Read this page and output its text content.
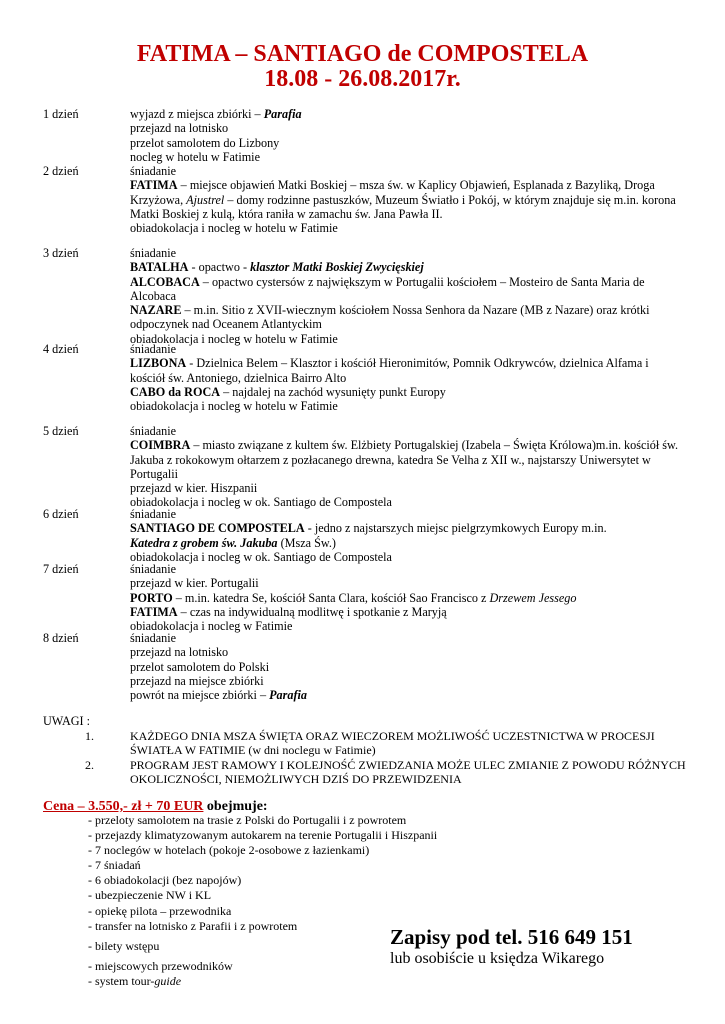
FATIMA – SANTIAGO de COMPOSTELA
18.08 - 26.08.2017r.
1 dzień	wyjazd z miejsca zbiórki – Parafia
przejazd na lotnisko
przelot samolotem do Lizbony
nocleg w hotelu w Fatimie
2 dzień	śniadanie
FATIMA – miejsce objawień Matki Boskiej – msza św. w Kaplicy Objawień, Esplanada z Bazyliką, Droga Krzyżowa, Ajustrel – domy rodzinne pastuszków, Muzeum Światło i Pokój, w którym znajduje się m.in. korona Matki Boskiej z kulą, która raniła w zamachu św. Jana Pawła II.
obiadokolacja i nocleg w hotelu w Fatimie
3 dzień	śniadanie
BATALHA - opactwo - klasztor Matki Boskiej Zwycięskiej
ALCOBACA – opactwo cystersów z największym w Portugalii kościołem – Mosteiro de Santa Maria de Alcobaca
NAZARE – m.in. Sitio z XVII-wiecznym kościołem Nossa Senhora da Nazare (MB z Nazare) oraz krótki odpoczynek nad Oceanem Atlantyckim
obiadokolacja i nocleg w hotelu w Fatimie
4 dzień	śniadanie
LIZBONA - Dzielnica Belem – Klasztor i kościół Hieronimitów, Pomnik Odkrywców, dzielnica Alfama i kościół św. Antoniego, dzielnica Bairro Alto
CABO da ROCA – najdalej na zachód wysunięty punkt Europy
obiadokolacja i nocleg w hotelu w Fatimie
5 dzień	śniadanie
COIMBRA – miasto związane z kultem św. Elżbiety Portugalskiej (Izabela – Święta Królowa)m.in. kościół św. Jakuba z rokokowym ołtarzem z pozłacanego drewna, katedra Se Velha z XII w., najstarszy Uniwersytet w Portugalii
przejazd w kier. Hiszpanii
obiadokolacja i nocleg w ok. Santiago de Compostela
6 dzień	śniadanie
SANTIAGO DE COMPOSTELA - jedno z najstarszych miejsc pielgrzymkowych Europy m.in.
Katedra z grobem św. Jakuba (Msza Św.)
obiadokolacja i nocleg w ok. Santiago de Compostela
7 dzień	śniadanie
przejazd w kier. Portugalii
PORTO – m.in. katedra Se, kościół Santa Clara, kościół Sao Francisco z Drzewem Jessego
FATIMA – czas na indywidualną modlitwę i spotkanie z Maryją
obiadokolacja i nocleg w Fatimie
8 dzień	śniadanie
przejazd na lotnisko
przelot samolotem do Polski
przejazd na miejsce zbiórki
powrót na miejsce zbiórki – Parafia
UWAGI :
1.	KAŻDEGO DNIA MSZA ŚWIĘTA ORAZ WIECZOREM MOŻLIWOŚĆ UCZESTNICTWA W PROCESJI ŚWIATŁA W FATIMIE (w dni noclegu w Fatimie)
2.	PROGRAM JEST RAMOWY I KOLEJNOŚĆ ZWIEDZANIA MOŻE ULEC ZMIANIE Z POWODU RÓŻNYCH OKOLICZNOŚCI, NIEMOŻLIWYCH DZIŚ DO PRZEWIDZENIA
Cena – 3.550,- zł + 70 EUR obejmuje:
- przeloty samolotem na trasie z Polski do Portugalii i z powrotem
- przejazdy klimatyzowanym autokarem na terenie Portugalii i Hiszpanii
- 7 noclegów w hotelach (pokoje 2-osobowe z łazienkami)
- 7 śniadań
- 6 obiadokolacji (bez napojów)
- ubezpieczenie NW i KL
- opiekę pilota – przewodnika
- transfer na lotnisko z Parafii i z powrotem
- bilety wstępu
- miejscowych przewodników
- system tour-guide
Zapisy pod tel. 516 649 151
lub osobiście u księdza Wikarego
